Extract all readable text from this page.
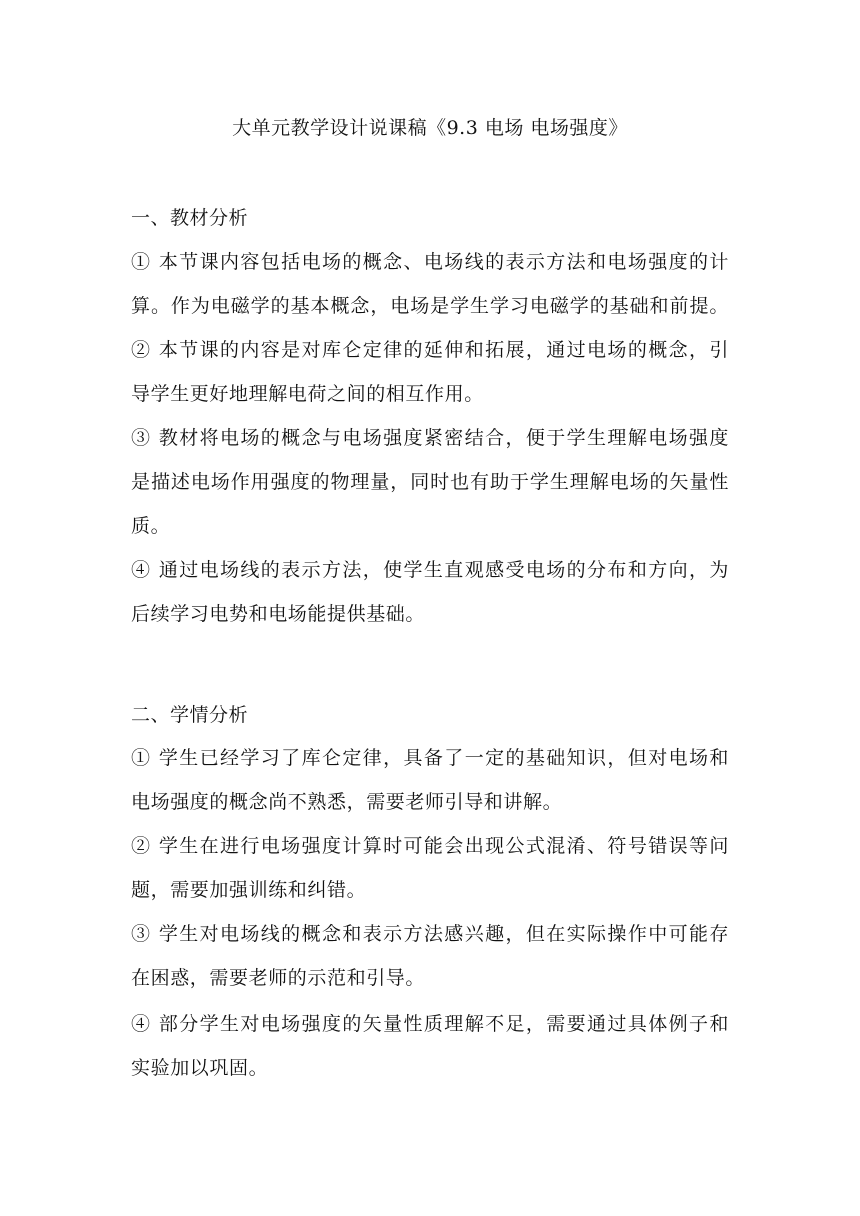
大单元教学设计说课稿《9.3 电场 电场强度》
一、教材分析
① 本节课内容包括电场的概念、电场线的表示方法和电场强度的计
算。作为电磁学的基本概念，电场是学生学习电磁学的基础和前提。
② 本节课的内容是对库仑定律的延伸和拓展，通过电场的概念，引
导学生更好地理解电荷之间的相互作用。
③ 教材将电场的概念与电场强度紧密结合，便于学生理解电场强度
是描述电场作用强度的物理量，同时也有助于学生理解电场的矢量性
质。
④ 通过电场线的表示方法，使学生直观感受电场的分布和方向，为
后续学习电势和电场能提供基础。
二、学情分析
① 学生已经学习了库仑定律，具备了一定的基础知识，但对电场和
电场强度的概念尚不熟悉，需要老师引导和讲解。
② 学生在进行电场强度计算时可能会出现公式混淆、符号错误等问
题，需要加强训练和纠错。
③ 学生对电场线的概念和表示方法感兴趣，但在实际操作中可能存
在困惑，需要老师的示范和引导。
④ 部分学生对电场强度的矢量性质理解不足，需要通过具体例子和
实验加以巩固。
